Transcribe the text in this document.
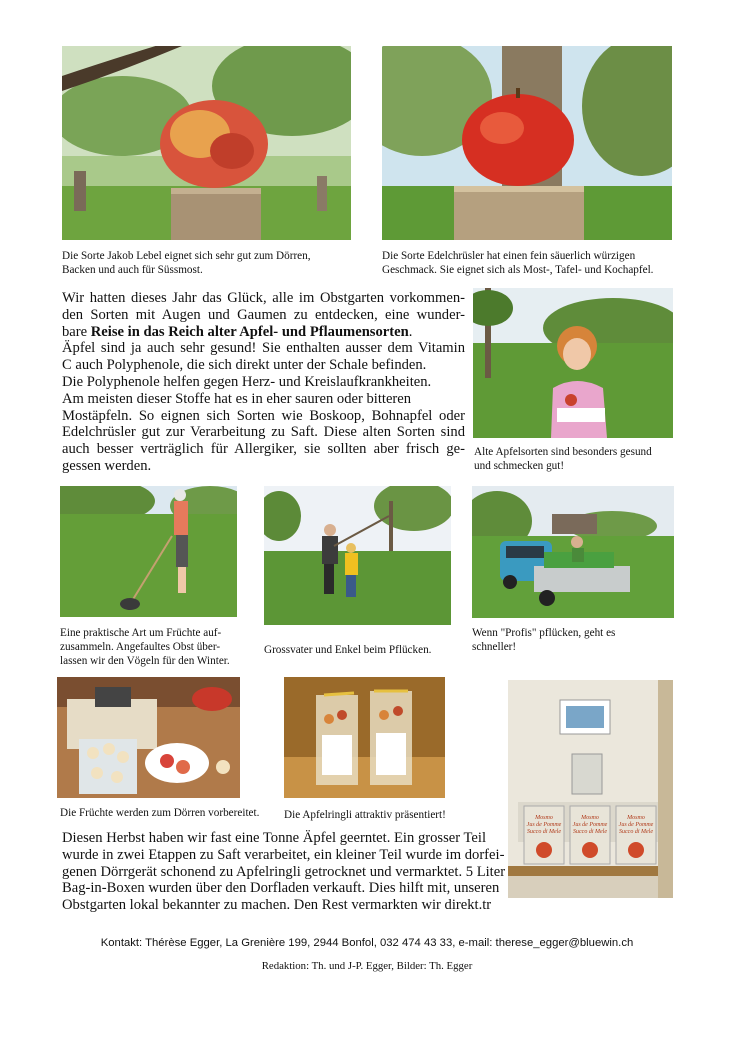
Die Sorte Jakob Lebel eignet sich sehr gut zum Dörren,
Backen und auch für Süssmost.
Die Sorte Edelchrüsler hat einen fein säuerlich würzigen
Geschmack. Sie eignet sich als Most-, Tafel- und Kochapfel.
Wir hatten dieses Jahr das Glück, alle im Obstgarten vorkommen-
den Sorten mit Augen und Gaumen zu entdecken, eine wunder-
bare Reise in das Reich alter Apfel- und Pflaumensorten.
Äpfel sind ja auch sehr gesund! Sie enthalten ausser dem Vitamin
C auch Polyphenole, die sich direkt unter der Schale befinden.
Die Polyphenole helfen gegen Herz- und Kreislaufkrankheiten.
Am meisten dieser Stoffe hat es in eher sauren oder bitteren
Mostäpfeln. So eignen sich Sorten wie Boskoop, Bohnapfel oder
Edelchrüsler gut zur Verarbeitung zu Saft. Diese alten Sorten sind
auch besser verträglich für Allergiker, sie sollten aber frisch ge-
gessen werden.
Alte Apfelsorten sind besonders gesund
und schmecken gut!
Eine praktische Art um Früchte auf-
zusammeln. Angefaultes Obst über-
lassen wir den Vögeln für den Winter.
Grossvater und Enkel beim Pflücken.
Wenn "Profis" pflücken, geht es
schneller!
Die Früchte werden zum Dörren vorbereitet. Die Apfelringli attraktiv präsentiert!	Mosmo
Jus de Pomme
Succo di Mele
Mosmo
Jus de Pomme
Succo di Mele
Mosmo
Jus de Pomme
Succo di Mele
Diesen Herbst haben wir fast eine Tonne Äpfel geerntet. Ein grosser Teil
wurde in zwei Etappen zu Saft verarbeitet, ein kleiner Teil wurde im dorfei-
genen Dörrgerät schonend zu Apfelringli getrocknet und vermarktet. 5 Liter
Bag-in-Boxen wurden über den Dorfladen verkauft. Dies hilft mit, unseren
Obstgarten lokal bekannter zu machen. Den Rest vermarkten wir direkt.tr
Kontakt: Thérèse Egger, La Grenière 199, 2944 Bonfol, 032 474 43 33, e-mail: therese_egger@bluewin.ch
Redaktion: Th. und J-P. Egger, Bilder: Th. Egger
